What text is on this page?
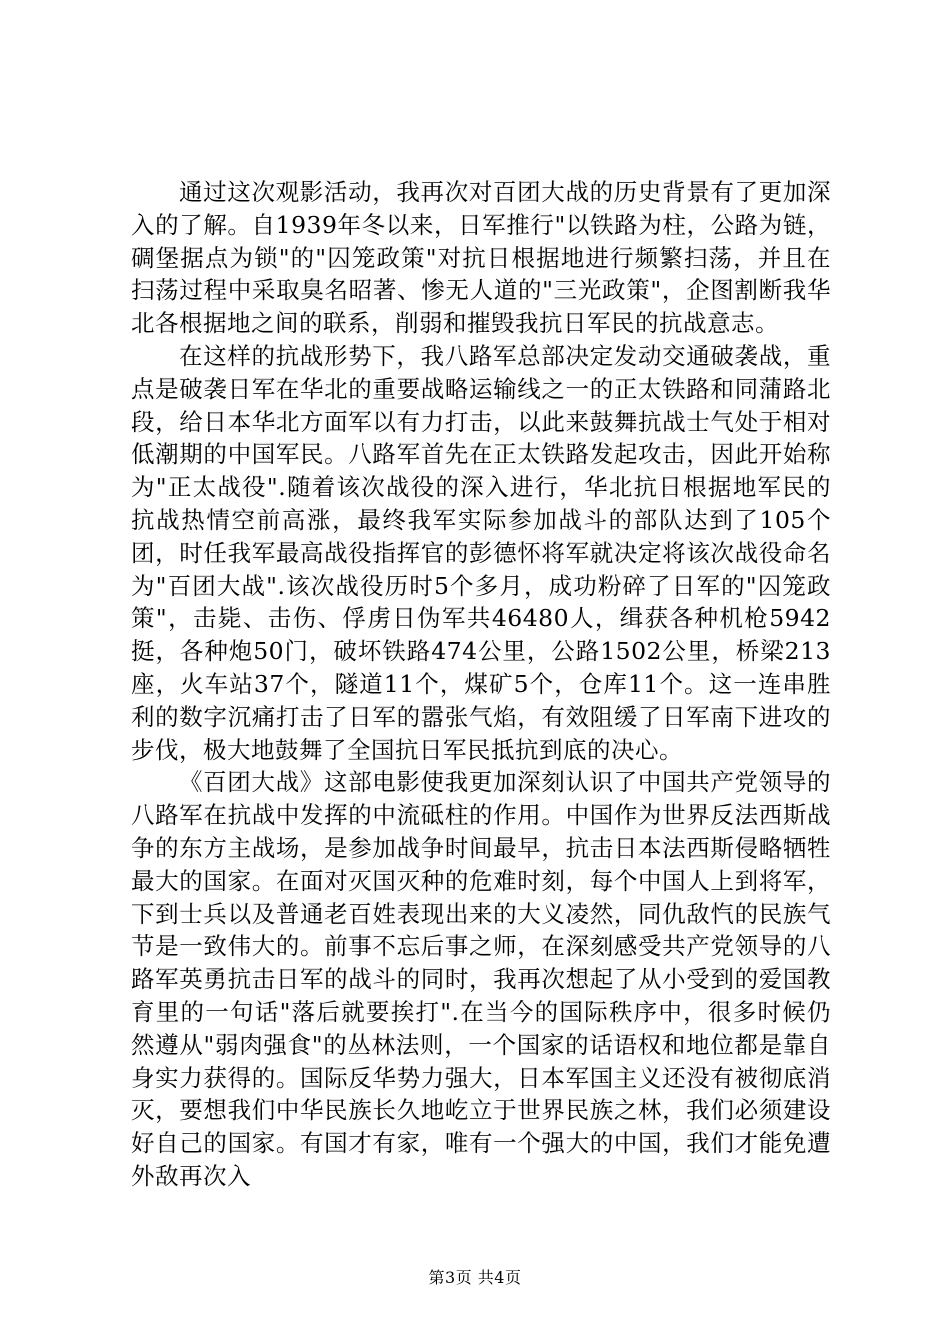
通过这次观影活动，我再次对百团大战的历史背景有了更加深入的了解。自1939年冬以来，日军推行"以铁路为柱，公路为链，碉堡据点为锁"的"囚笼政策"对抗日根据地进行频繁扫荡，并且在扫荡过程中采取臭名昭著、惨无人道的"三光政策"，企图割断我华北各根据地之间的联系，削弱和摧毁我抗日军民的抗战意志。

在这样的抗战形势下，我八路军总部决定发动交通破袭战，重点是破袭日军在华北的重要战略运输线之一的正太铁路和同蒲路北段，给日本华北方面军以有力打击，以此来鼓舞抗战士气处于相对低潮期的中国军民。八路军首先在正太铁路发起攻击，因此开始称为"正太战役".随着该次战役的深入进行，华北抗日根据地军民的抗战热情空前高涨，最终我军实际参加战斗的部队达到了105个团，时任我军最高战役指挥官的彭德怀将军就决定将该次战役命名为"百团大战".该次战役历时5个多月，成功粉碎了日军的"囚笼政策"，击毙、击伤、俘虏日伪军共46480人，缉获各种机枪5942挺，各种炮50门，破坏铁路474公里，公路1502公里，桥梁213座，火车站37个，隧道11个，煤矿5个，仓库11个。这一连串胜利的数字沉痛打击了日军的嚣张气焰，有效阻缓了日军南下进攻的步伐，极大地鼓舞了全国抗日军民抵抗到底的决心。

《百团大战》这部电影使我更加深刻认识了中国共产党领导的八路军在抗战中发挥的中流砥柱的作用。中国作为世界反法西斯战争的东方主战场，是参加战争时间最早，抗击日本法西斯侵略牺牲最大的国家。在面对灭国灭种的危难时刻，每个中国人上到将军，下到士兵以及普通老百姓表现出来的大义凌然，同仇敌忾的民族气节是一致伟大的。前事不忘后事之师，在深刻感受共产党领导的八路军英勇抗击日军的战斗的同时，我再次想起了从小受到的爱国教育里的一句话"落后就要挨打".在当今的国际秩序中，很多时候仍然遵从"弱肉强食"的丛林法则，一个国家的话语权和地位都是靠自身实力获得的。国际反华势力强大，日本军国主义还没有被彻底消灭，要想我们中华民族长久地屹立于世界民族之林，我们必须建设好自己的国家。有国才有家，唯有一个强大的中国，我们才能免遭外敌再次入

第3页 共4页
